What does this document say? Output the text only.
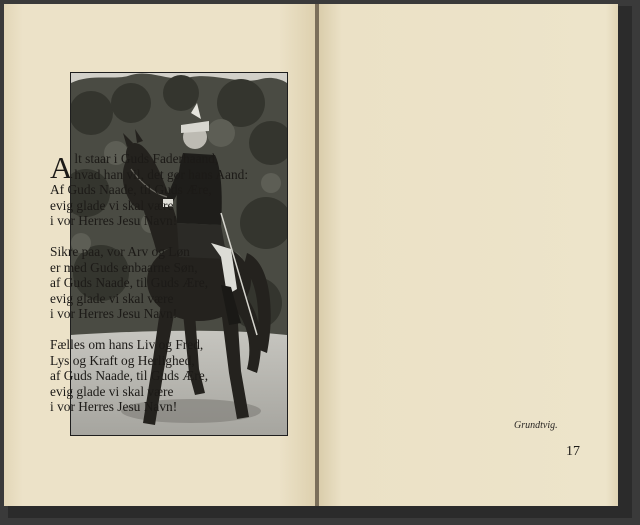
A lt staar i Guds Faderhaand,
hvad han vil, det gør hans Aand:
Af Guds Naade, til Guds Ære,
evig glade vi skal være
i vor Herres Jesu Navn!
Sikre paa, vor Arv og Løn
er med Guds enbaarne Søn,
af Guds Naade, til Guds Ære,
evig glade vi skal være
i vor Herres Jesu Navn!
Fælles om hans Liv og Fred,
Lys og Kraft og Herlighed,
af Guds Naade, til Guds Ære,
evig glade vi skal være
i vor Herres Jesu Navn!
Grundtvig.
17
